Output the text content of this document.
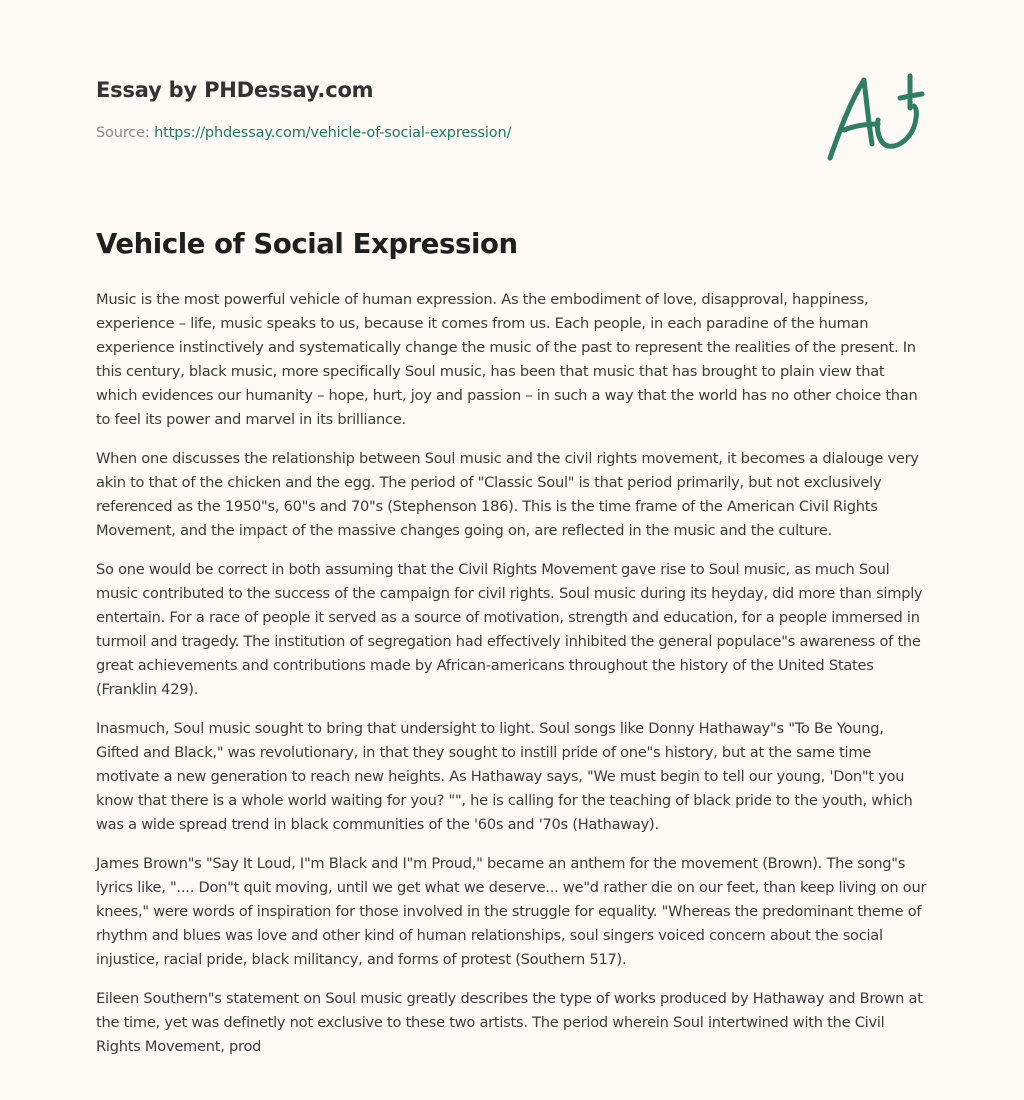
Essay by PHDessay.com
Source: https://phdessay.com/vehicle-of-social-expression/
Vehicle of Social Expression

Music is the most powerful vehicle of human expression. As the embodiment of love, disapproval, happiness, experience – life, music speaks to us, because it comes from us. Each people, in each paradine of the human experience instinctively and systematically change the music of the past to represent the realities of the present. In this century, black music, more specifically Soul music, has been that music that has brought to plain view that which evidences our humanity – hope, hurt, joy and passion – in such a way that the world has no other choice than to feel its power and marvel in its brilliance.

When one discusses the relationship between Soul music and the civil rights movement, it becomes a dialouge very akin to that of the chicken and the egg. The period of "Classic Soul" is that period primarily, but not exclusively referenced as the 1950"s, 60"s and 70"s (Stephenson 186). This is the time frame of the American Civil Rights Movement, and the impact of the massive changes going on, are reflected in the music and the culture.

So one would be correct in both assuming that the Civil Rights Movement gave rise to Soul music, as much Soul music contributed to the success of the campaign for civil rights. Soul music during its heyday, did more than simply entertain. For a race of people it served as a source of motivation, strength and education, for a people immersed in turmoil and tragedy. The institution of segregation had effectively inhibited the general populace"s awareness of the great achievements and contributions made by African-americans throughout the history of the United States (Franklin 429).

Inasmuch, Soul music sought to bring that undersight to light. Soul songs like Donny Hathaway"s "To Be Young, Gifted and Black," was revolutionary, in that they sought to instill pride of one"s history, but at the same time motivate a new generation to reach new heights. As Hathaway says, "We must begin to tell our young, 'Don"t you know that there is a whole world waiting for you? "", he is calling for the teaching of black pride to the youth, which was a wide spread trend in black communities of the '60s and '70s (Hathaway).

James Brown"s "Say It Loud, I"m Black and I"m Proud," became an anthem for the movement (Brown). The song"s lyrics like, ".... Don"t quit moving, until we get what we deserve... we"d rather die on our feet, than keep living on our knees," were words of inspiration for those involved in the struggle for equality. "Whereas the predominant theme of rhythm and blues was love and other kind of human relationships, soul singers voiced concern about the social injustice, racial pride, black militancy, and forms of protest (Southern 517).

Eileen Southern"s statement on Soul music greatly describes the type of works produced by Hathaway and Brown at the time, yet was definetly not exclusive to these two artists. The period wherein Soul intertwined with the Civil Rights Movement, prod
